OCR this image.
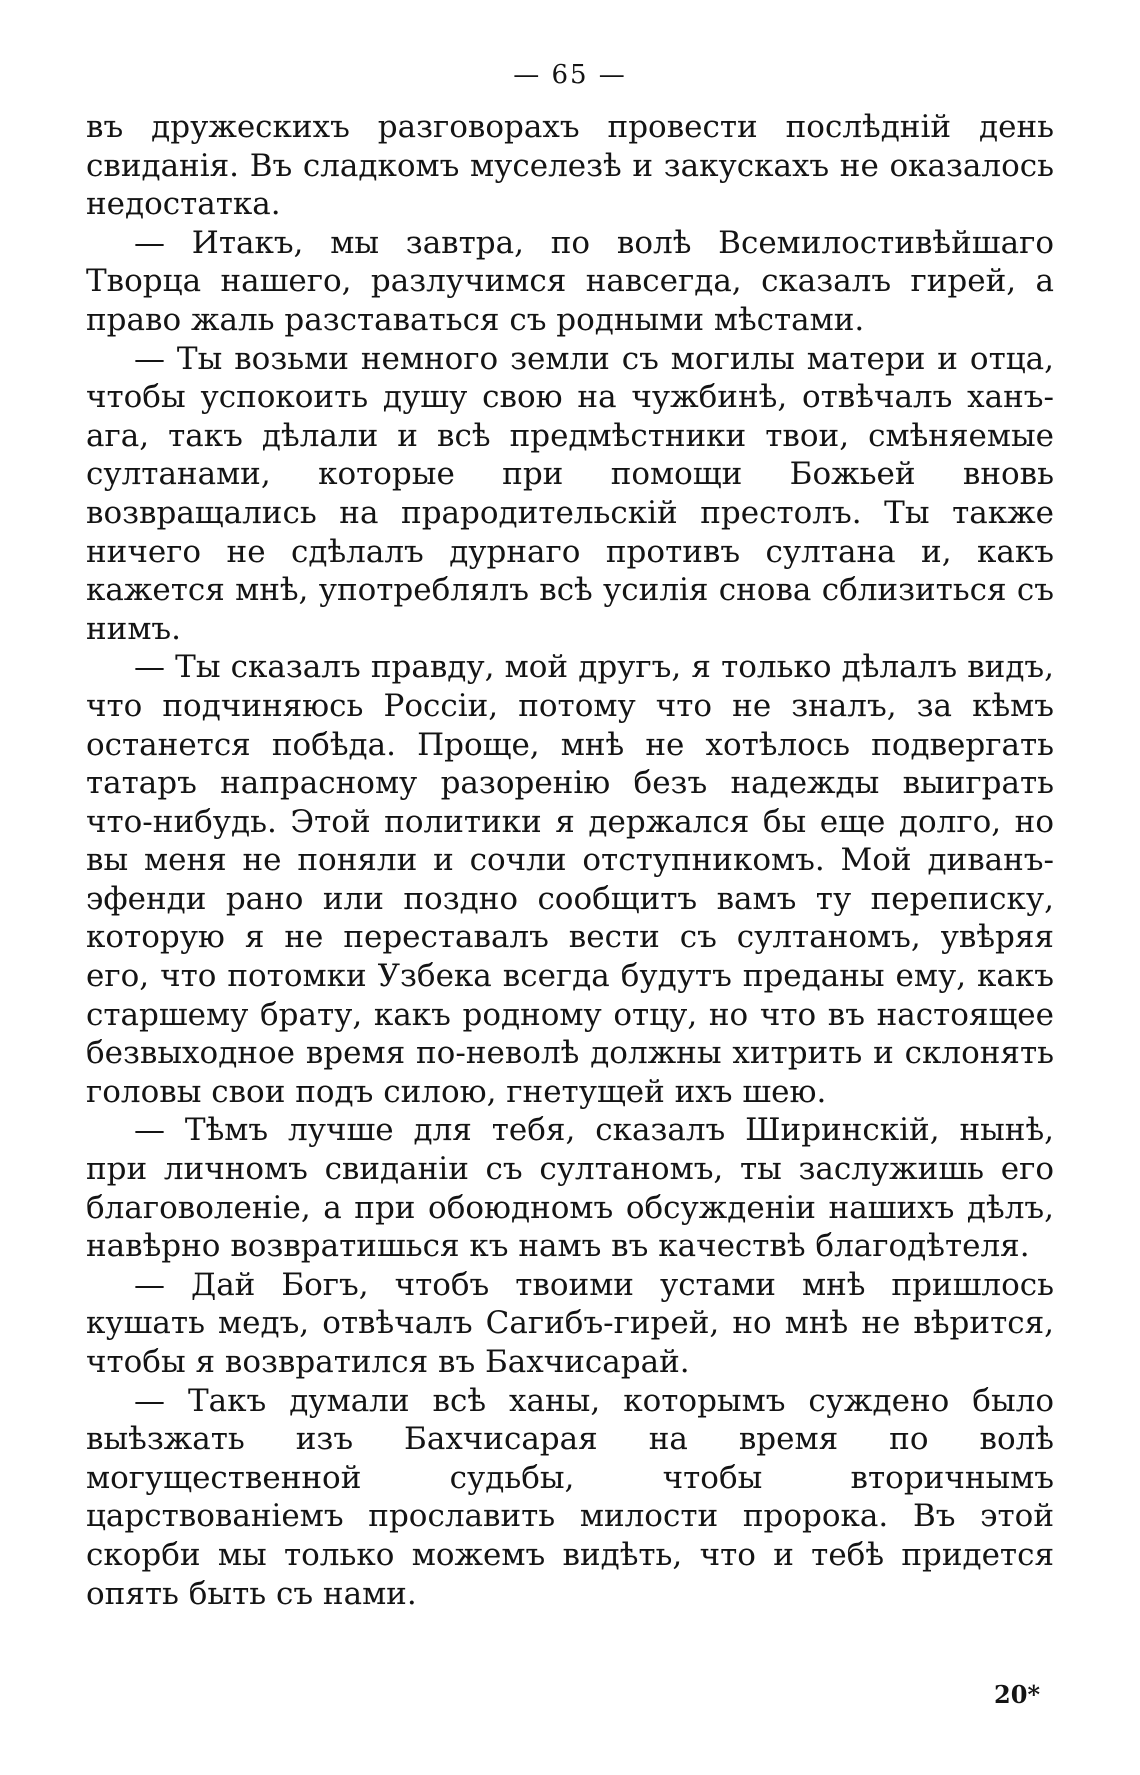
— 65 —

въ дружескихъ разговорахъ провести послѣднiй день свиданiя. Въ сладкомъ муселезѣ и закускахъ не оказалось недостатка.

— Итакъ, мы завтра, по волѣ Всемилостивѣйшаго Творца нашего, разлучимся навсегда, сказалъ гирей, а право жаль разставаться съ родными мѣстами.

— Ты возьми немного земли съ могилы матери и отца, чтобы успокоить душу свою на чужбинѣ, отвѣчалъ ханъ-ага, такъ дѣлали и всѣ предмѣстники твои, смѣняемые султанами, которые при помощи Божьей вновь возвращались на прародительскiй престолъ. Ты также ничего не сдѣлалъ дурнаго противъ султана и, какъ кажется мнѣ, употреблялъ всѣ усилiя снова сблизиться съ нимъ.

— Ты сказалъ правду, мой другъ, я только дѣлалъ видъ, что подчиняюсь Россiи, потому что не зналъ, за кѣмъ останется побѣда. Проще, мнѣ не хотѣлось подвергать татаръ напрасному разоренiю безъ надежды выиграть что-нибудь. Этой политики я держался бы еще долго, но вы меня не поняли и сочли отступникомъ. Мой диванъ-эфенди рано или поздно сообщитъ вамъ ту переписку, которую я не переставалъ вести съ султаномъ, увѣряя его, что потомки Узбека всегда будутъ преданы ему, какъ старшему брату, какъ родному отцу, но что въ настоящее безвыходное время по-неволѣ должны хитрить и склонять головы свои подъ силою, гнетущей ихъ шею.

— Тѣмъ лучше для тебя, сказалъ Ширинскiй, нынѣ, при личномъ свиданiи съ султаномъ, ты заслужишь его благоволенiе, а при обоюдномъ обсужденiи нашихъ дѣлъ, навѣрно возвратишься къ намъ въ качествѣ благодѣтеля.

— Дай Богъ, чтобъ твоими устами мнѣ пришлось кушать медъ, отвѣчалъ Сагибъ-гирей, но мнѣ не вѣрится, чтобы я возвратился въ Бахчисарай.

— Такъ думали всѣ ханы, которымъ суждено было выѣзжать изъ Бахчисарая на время по волѣ могущественной судьбы, чтобы вторичнымъ царствованiемъ прославить милости пророка. Въ этой скорби мы только можемъ видѣть, что и тебѣ придется опять быть съ нами.

20*
